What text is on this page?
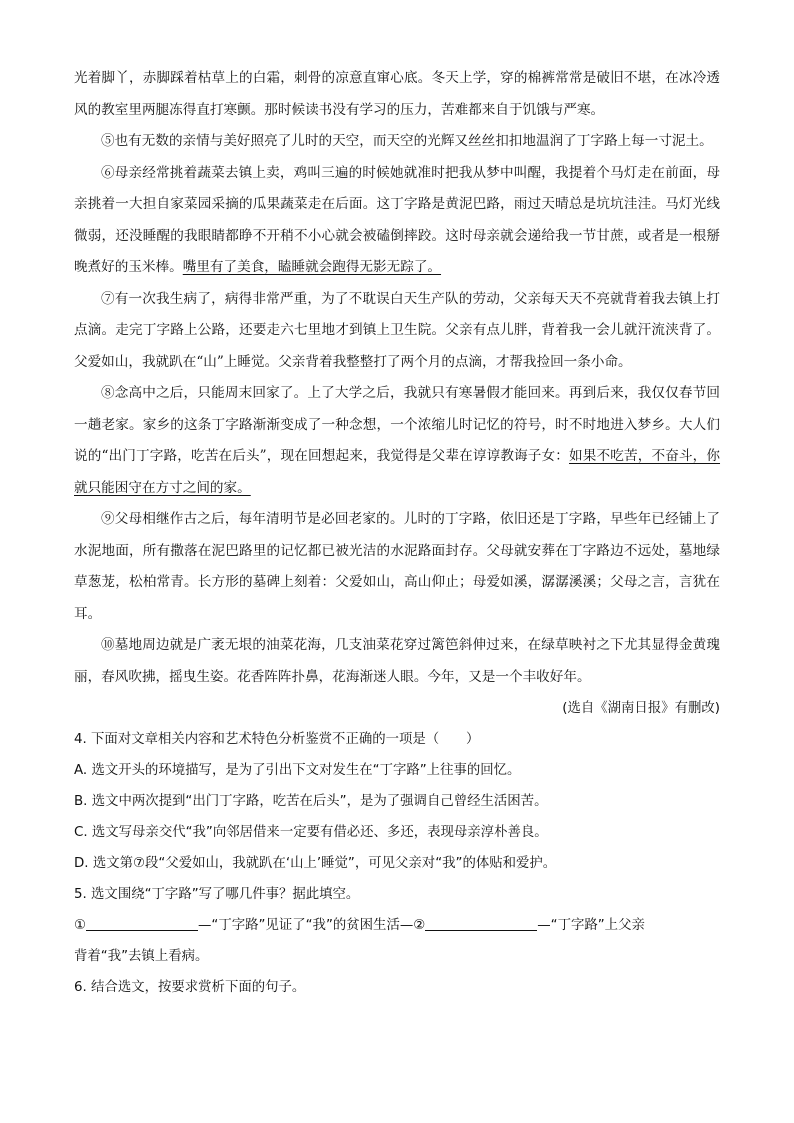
光着脚丫，赤脚踩着枯草上的白霜，刺骨的凉意直窜心底。冬天上学，穿的棉裤常常是破旧不堪，在冰冷透风的教室里两腿冻得直打寒颤。那时候读书没有学习的压力，苦难都来自于饥饿与严寒。

⑤也有无数的亲情与美好照亮了儿时的天空，而天空的光辉又丝丝扣扣地温润了丁字路上每一寸泥土。

⑥母亲经常挑着蔬菜去镇上卖，鸡叫三遍的时候她就准时把我从梦中叫醒，我提着个马灯走在前面，母亲挑着一大担自家菜园采摘的瓜果蔬菜走在后面。这丁字路是黄泥巴路，雨过天晴总是坑坑洼洼。马灯光线微弱，还没睡醒的我眼睛都睁不开稍不小心就会被磕倒摔跤。这时母亲就会递给我一节甘蔗，或者是一根掰晚煮好的玉米棒。嘴里有了美食，瞌睡就会跑得无影无踪了。

⑦有一次我生病了，病得非常严重，为了不耽误白天生产队的劳动，父亲每天天不亮就背着我去镇上打点滴。走完丁字路上公路，还要走六七里地才到镇上卫生院。父亲有点儿胖，背着我一会儿就汗流浃背了。父爱如山，我就趴在“山”上睡觉。父亲背着我整整打了两个月的点滴，才帮我捡回一条小命。

⑧念高中之后，只能周末回家了。上了大学之后，我就只有寒暑假才能回来。再到后来，我仅仅春节回一趟老家。家乡的这条丁字路渐渐变成了一种念想，一个浓缩儿时记忆的符号，时不时地进入梦乡。大人们说的“出门丁字路，吃苦在后头”，现在回想起来，我觉得是父辈在谆谆教诲子女：如果不吃苦，不奋斗，你就只能困守在方寸之间的家。

⑨父母相继作古之后，每年清明节是必回老家的。儿时的丁字路，依旧还是丁字路，早些年已经铺上了水泥地面，所有撒落在泥巴路里的记忆都已被光洁的水泥路面封存。父母就安葬在丁字路边不远处，墓地绿草葱茏，松柏常青。长方形的墓碑上刻着：父爱如山，高山仰止；母爱如溪，潺潺溪溪；父母之言，言犹在耳。

⑩墓地周边就是广袤无垠的油菜花海，几支油菜花穿过篱笆斜伸过来，在绿草映衬之下尤其显得金黄瑰丽，春风吹拂，摇曳生姿。花香阵阵扑鼻，花海渐迷人眼。今年，又是一个丰收好年。

(选自《湖南日报》有删改)

4. 下面对文章相关内容和艺术特色分析鉴赏不正确的一项是（　　）

A. 选文开头的环境描写，是为了引出下文对发生在“丁字路”上往事的回忆。

B. 选文中两次提到“出门丁字路，吃苦在后头”，是为了强调自己曾经生活困苦。

C. 选文写母亲交代“我”向邻居借来一定要有借必还、多还，表现母亲淳朴善良。

D. 选文第⑦段“父爱如山，我就趴在‘山上’睡觉”，可见父亲对“我”的体贴和爱护。

5. 选文围绕“丁字路”写了哪几件事？据此填空。

①	—“丁字路”见证了“我”的贫困生活—②	—“丁字路”上父亲

背着“我”去镇上看病。

6. 结合选文，按要求赏析下面的句子。
